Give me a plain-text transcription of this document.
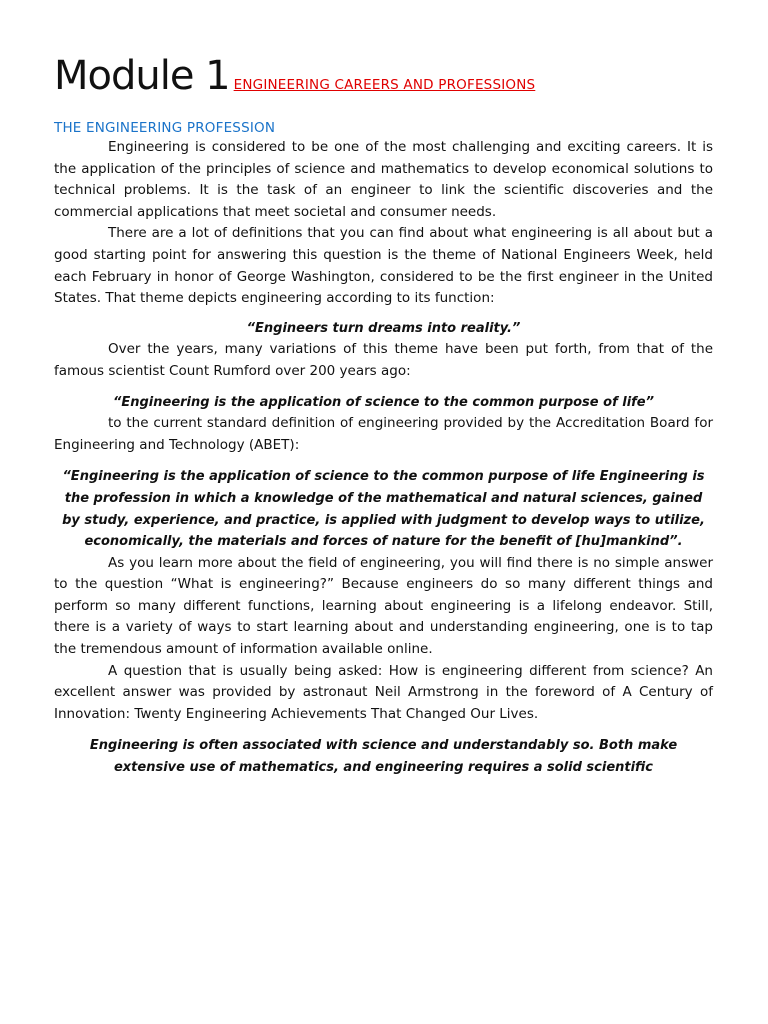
Module 1 ENGINEERING CAREERS AND PROFESSIONS
THE ENGINEERING PROFESSION

Engineering is considered to be one of the most challenging and exciting careers. It is the application of the principles of science and mathematics to develop economical solutions to technical problems. It is the task of an engineer to link the scientific discoveries and the commercial applications that meet societal and consumer needs.

There are a lot of definitions that you can find about what engineering is all about but a good starting point for answering this question is the theme of National Engineers Week, held each February in honor of George Washington, considered to be the first engineer in the United States. That theme depicts engineering according to its function:

“Engineers turn dreams into reality.”

Over the years, many variations of this theme have been put forth, from that of the famous scientist Count Rumford over 200 years ago:

“Engineering is the application of science to the common purpose of life”

to the current standard definition of engineering provided by the Accreditation Board for Engineering and Technology (ABET):

“Engineering is the application of science to the common purpose of life Engineering is the profession in which a knowledge of the mathematical and natural sciences, gained by study, experience, and practice, is applied with judgment to develop ways to utilize, economically, the materials and forces of nature for the benefit of [hu]mankind”.

As you learn more about the field of engineering, you will find there is no simple answer to the question “What is engineering?” Because engineers do so many different things and perform so many different functions, learning about engineering is a lifelong endeavor. Still, there is a variety of ways to start learning about and understanding engineering, one is to tap the tremendous amount of information available online.

A question that is usually being asked: How is engineering different from science? An excellent answer was provided by astronaut Neil Armstrong in the foreword of A Century of Innovation: Twenty Engineering Achievements That Changed Our Lives.

Engineering is often associated with science and understandably so. Both make extensive use of mathematics, and engineering requires a solid scientific
